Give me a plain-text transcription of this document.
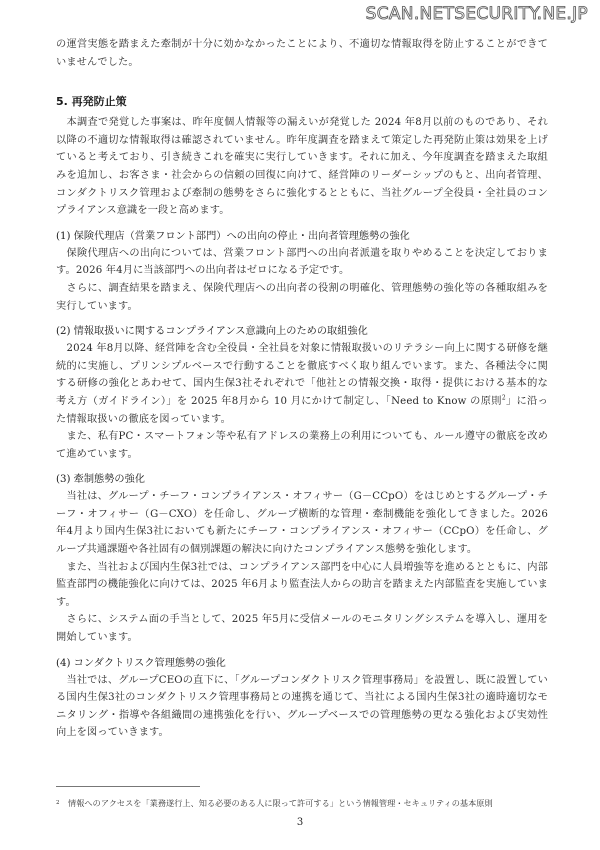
SCAN.NETSECURITY.NE.JP

の運営実態を踏まえた牽制が十分に効かなかったことにより、不適切な情報取得を防止することができていませんでした。

5. 再発防止策

本調査で発覚した事案は、昨年度個人情報等の漏えいが発覚した 2024 年8月以前のものであり、それ以降の不適切な情報取得は確認されていません。昨年度調査を踏まえて策定した再発防止策は効果を上げていると考えており、引き続きこれを確実に実行していきます。それに加え、今年度調査を踏まえた取組みを追加し、お客さま・社会からの信頼の回復に向けて、経営陣のリーダーシップのもと、出向者管理、コンダクトリスク管理および牽制の態勢をさらに強化するとともに、当社グループ全役員・全社員のコンプライアンス意識を一段と高めます。

(1) 保険代理店（営業フロント部門）への出向の停止・出向者管理態勢の強化

保険代理店への出向については、営業フロント部門への出向者派遣を取りやめることを決定しております。2026 年4月に当該部門への出向者はゼロになる予定です。

さらに、調査結果を踏まえ、保険代理店への出向者の役割の明確化、管理態勢の強化等の各種取組みを実行しています。

(2) 情報取扱いに関するコンプライアンス意識向上のための取組強化

2024 年8月以降、経営陣を含む全役員・全社員を対象に情報取扱いのリテラシー向上に関する研修を継続的に実施し、プリンシプルベースで行動することを徹底すべく取り組んでいます。また、各種法令に関する研修の強化とあわせて、国内生保3社それぞれで「他社との情報交換・取得・提供における基本的な考え方（ガイドライン）」を 2025 年8月から 10 月にかけて制定し、「Need to Know の原則$^2$」に沿った情報取扱いの徹底を図っています。

また、私有PC・スマートフォン等や私有アドレスの業務上の利用についても、ルール遵守の徹底を改めて進めています。

(3) 牽制態勢の強化

当社は、グループ・チーフ・コンプライアンス・オフィサー（G－CCpO）をはじめとするグループ・チーフ・オフィサー（G－CXO）を任命し、グループ横断的な管理・牽制機能を強化してきました。2026 年4月より国内生保3社においても新たにチーフ・コンプライアンス・オフィサー（CCpO）を任命し、グループ共通課題や各社固有の個別課題の解決に向けたコンプライアンス態勢を強化します。

また、当社および国内生保3社では、コンプライアンス部門を中心に人員増強等を進めるとともに、内部監査部門の機能強化に向けては、2025 年6月より監査法人からの助言を踏まえた内部監査を実施しています。

さらに、システム面の手当として、2025 年5月に受信メールのモニタリングシステムを導入し、運用を開始しています。

(4) コンダクトリスク管理態勢の強化

当社では、グループCEOの直下に、「グループコンダクトリスク管理事務局」を設置し、既に設置している国内生保3社のコンダクトリスク管理事務局との連携を通じて、当社による国内生保3社の適時適切なモニタリング・指導や各組織間の連携強化を行い、グループベースでの管理態勢の更なる強化および実効性向上を図っていきます。

2 情報へのアクセスを「業務遂行上、知る必要のある人に限って許可する」という情報管理・セキュリティの基本原則
3
